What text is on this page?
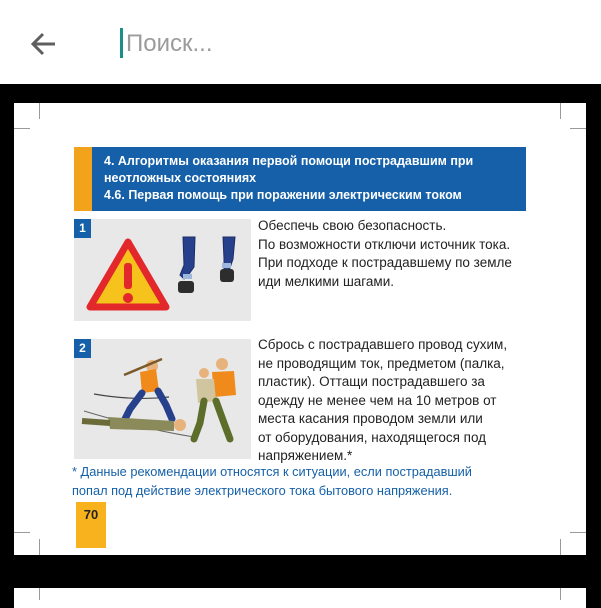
Поиск...
4. Алгоритмы оказания первой помощи пострадавшим при
неотложных состояниях
4.6. Первая помощь при поражении электрическим током
1	Обеспечь свою безопасность.
По возможности отключи источник тока.
При подходе к пострадавшему по земле
иди мелкими шагами.
2	Сбрось с пострадавшего провод сухим,
не проводящим ток, предметом (палка,
пластик). Оттащи пострадавшего за
одежду не менее чем на 10 метров от
места касания проводом земли или
от оборудования, находящегося под
напряжением.*
* Данные рекомендации относятся к ситуации, если пострадавший
попал под действие электрического тока бытового напряжения.
70
